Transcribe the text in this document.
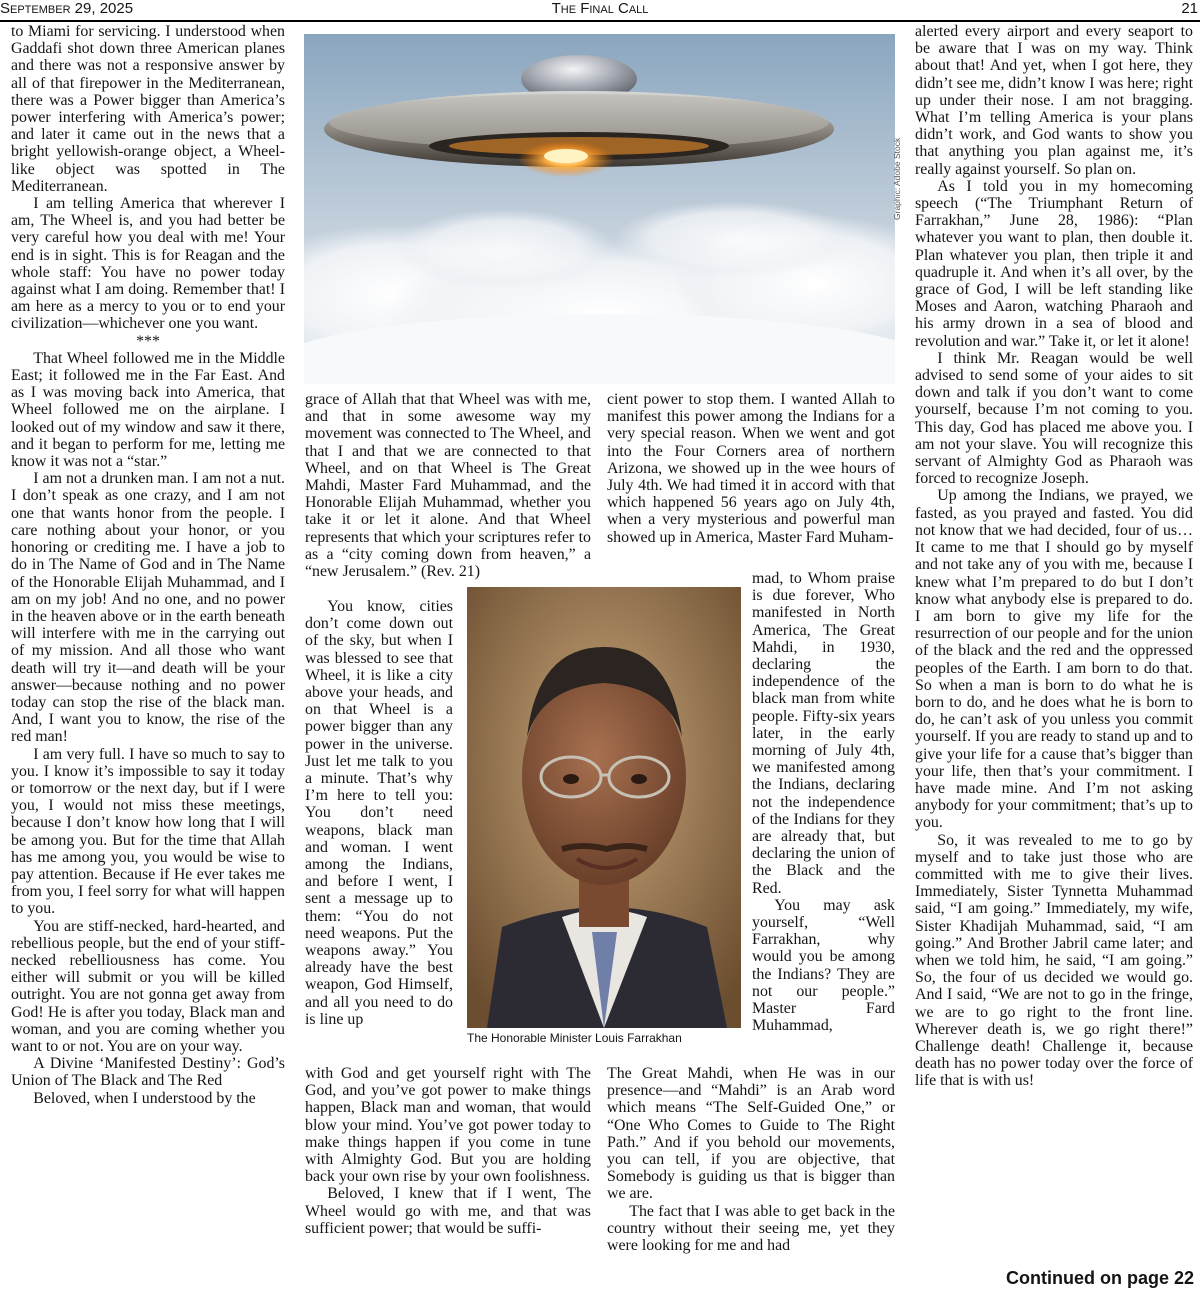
September 29, 2025	The Final Call	21

to Miami for servicing. I understood when Gaddafi shot down three American planes and there was not a responsive answer by all of that firepower in the Mediterranean, there was a Power bigger than America’s power interfering with America’s power; and later it came out in the news that a bright yellowish-orange object, a Wheel-like object was spotted in The Mediterranean.

I am telling America that wherever I am, The Wheel is, and you had better be very careful how you deal with me! Your end is in sight. This is for Reagan and the whole staff: You have no power today against what I am doing. Remember that! I am here as a mercy to you or to end your civilization—whichever one you want.

***

That Wheel followed me in the Middle East; it followed me in the Far East. And as I was moving back into America, that Wheel followed me on the airplane. I looked out of my window and saw it there, and it began to perform for me, letting me know it was not a “star.”

I am not a drunken man. I am not a nut. I don’t speak as one crazy, and I am not one that wants honor from the people. I care nothing about your honor, or you honoring or crediting me. I have a job to do in The Name of God and in The Name of the Honorable Elijah Muhammad, and I am on my job! And no one, and no power in the heaven above or in the earth beneath will interfere with me in the carrying out of my mission. And all those who want death will try it—and death will be your answer—because nothing and no power today can stop the rise of the black man. And, I want you to know, the rise of the red man!

I am very full. I have so much to say to you. I know it’s impossible to say it today or tomorrow or the next day, but if I were you, I would not miss these meetings, because I don’t know how long that I will be among you. But for the time that Allah has me among you, you would be wise to pay attention. Because if He ever takes me from you, I feel sorry for what will happen to you.

You are stiff-necked, hard-hearted, and rebellious people, but the end of your stiff-necked rebelliousness has come. You either will submit or you will be killed outright. You are not gonna get away from God! He is after you today, Black man and woman, and you are coming whether you want to or not. You are on your way.

A Divine ‘Manifested Destiny’: God’s Union of The Black and The Red

Beloved, when I understood by the

Graphic: Adobe Stock

grace of Allah that that Wheel was with me, and that in some awesome way my movement was connected to The Wheel, and that I and that we are connected to that Wheel, and on that Wheel is The Great Mahdi, Master Fard Muhammad, and the Honorable Elijah Muhammad, whether you take it or let it alone. And that Wheel represents that which your scriptures refer to as a “city coming down from heaven,” a “new Jerusalem.” (Rev. 21)

You know, cities don’t come down out of the sky, but when I was blessed to see that Wheel, it is like a city above your heads, and on that Wheel is a power bigger than any power in the universe. Just let me talk to you a minute. That’s why I’m here to tell you: You don’t need weapons, black man and woman. I went among the Indians, and before I went, I sent a message up to them: “You do not need weapons. Put the weapons away.” You already have the best weapon, God Himself, and all you need to do is line up

with God and get yourself right with The God, and you’ve got power to make things happen, Black man and woman, that would blow your mind. You’ve got power today to make things happen if you come in tune with Almighty God. But you are holding back your own rise by your own foolishness.

Beloved, I knew that if I went, The Wheel would go with me, and that was sufficient power; that would be suffi-

The Honorable Minister Louis Farrakhan

cient power to stop them. I wanted Allah to manifest this power among the Indians for a very special reason. When we went and got into the Four Corners area of northern Arizona, we showed up in the wee hours of July 4th. We had timed it in accord with that which happened 56 years ago on July 4th, when a very mysterious and powerful man showed up in America, Master Fard Muham-

mad, to Whom praise is due forever, Who manifested in North America, The Great Mahdi, in 1930, declaring the independence of the black man from white people. Fifty-six years later, in the early morning of July 4th, we manifested among the Indians, declaring not the independence of the Indians for they are already that, but declaring the union of the Black and the Red.

You may ask yourself, “Well Farrakhan, why would you be among the Indians? They are not our people.” Master Fard Muhammad,

The Great Mahdi, when He was in our presence—and “Mahdi” is an Arab word which means “The Self-Guided One,” or “One Who Comes to Guide to The Right Path.” And if you behold our movements, you can tell, if you are objective, that Somebody is guiding us that is bigger than we are.

The fact that I was able to get back in the country without their seeing me, yet they were looking for me and had

alerted every airport and every seaport to be aware that I was on my way. Think about that! And yet, when I got here, they didn’t see me, didn’t know I was here; right up under their nose. I am not bragging. What I’m telling America is your plans didn’t work, and God wants to show you that anything you plan against me, it’s really against yourself. So plan on.

As I told you in my homecoming speech (“The Triumphant Return of Farrakhan,” June 28, 1986): “Plan whatever you want to plan, then double it. Plan whatever you plan, then triple it and quadruple it. And when it’s all over, by the grace of God, I will be left standing like Moses and Aaron, watching Pharaoh and his army drown in a sea of blood and revolution and war.” Take it, or let it alone!

I think Mr. Reagan would be well advised to send some of your aides to sit down and talk if you don’t want to come yourself, because I’m not coming to you. This day, God has placed me above you. I am not your slave. You will recognize this servant of Almighty God as Pharaoh was forced to recognize Joseph.

Up among the Indians, we prayed, we fasted, as you prayed and fasted. You did not know that we had decided, four of us… It came to me that I should go by myself and not take any of you with me, because I knew what I’m prepared to do but I don’t know what anybody else is prepared to do. I am born to give my life for the resurrection of our people and for the union of the black and the red and the oppressed peoples of the Earth. I am born to do that. So when a man is born to do what he is born to do, and he does what he is born to do, he can’t ask of you unless you commit yourself. If you are ready to stand up and to give your life for a cause that’s bigger than your life, then that’s your commitment. I have made mine. And I’m not asking anybody for your commitment; that’s up to you.

So, it was revealed to me to go by myself and to take just those who are committed with me to give their lives. Immediately, Sister Tynnetta Muhammad said, “I am going.” Immediately, my wife, Sister Khadijah Muhammad, said, “I am going.” And Brother Jabril came later; and when we told him, he said, “I am going.” So, the four of us decided we would go. And I said, “We are not to go in the fringe, we are to go right to the front line. Wherever death is, we go right there!” Challenge death! Challenge it, because death has no power today over the force of life that is with us!

Continued on page 22
